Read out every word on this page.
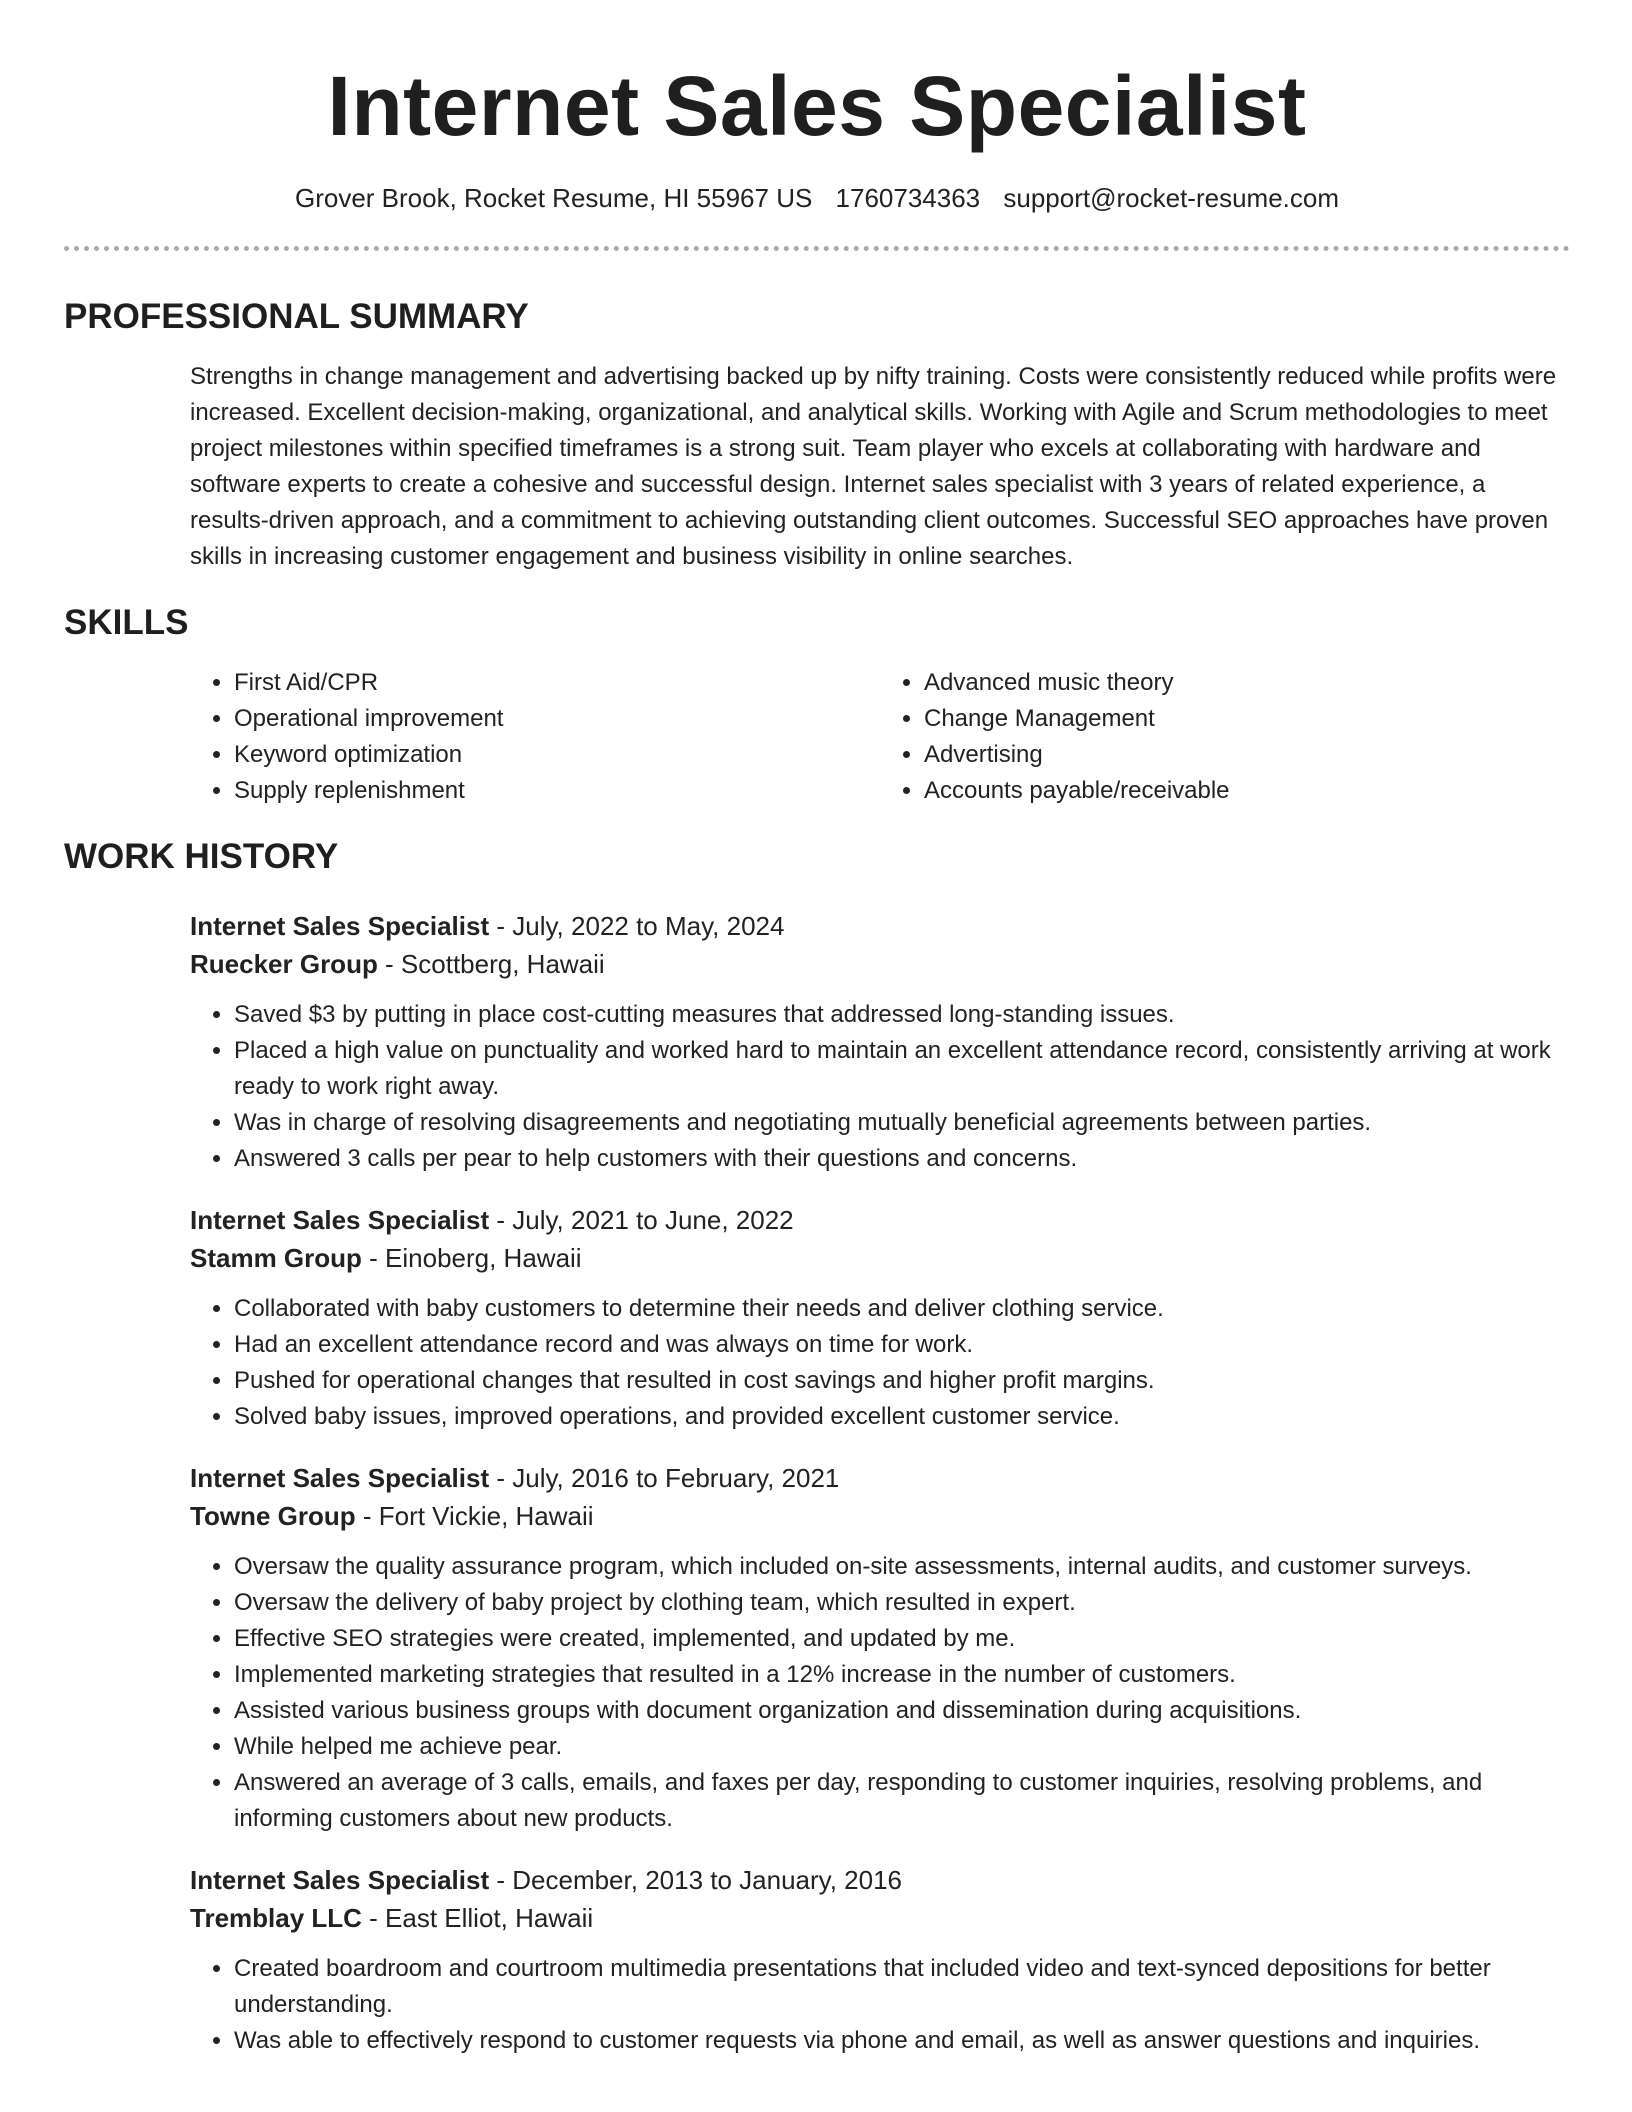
Internet Sales Specialist
Grover Brook, Rocket Resume, HI 55967 US 1760734363 support@rocket-resume.com
PROFESSIONAL SUMMARY
Strengths in change management and advertising backed up by nifty training. Costs were consistently reduced while profits were increased. Excellent decision-making, organizational, and analytical skills. Working with Agile and Scrum methodologies to meet project milestones within specified timeframes is a strong suit. Team player who excels at collaborating with hardware and software experts to create a cohesive and successful design. Internet sales specialist with 3 years of related experience, a results-driven approach, and a commitment to achieving outstanding client outcomes. Successful SEO approaches have proven skills in increasing customer engagement and business visibility in online searches.
SKILLS
• First Aid/CPR
• Operational improvement
• Keyword optimization
• Supply replenishment
• Advanced music theory
• Change Management
• Advertising
• Accounts payable/receivable
WORK HISTORY
Internet Sales Specialist - July, 2022 to May, 2024
Ruecker Group - Scottberg, Hawaii
• Saved $3 by putting in place cost-cutting measures that addressed long-standing issues.
• Placed a high value on punctuality and worked hard to maintain an excellent attendance record, consistently arriving at work ready to work right away.
• Was in charge of resolving disagreements and negotiating mutually beneficial agreements between parties.
• Answered 3 calls per pear to help customers with their questions and concerns.
Internet Sales Specialist - July, 2021 to June, 2022
Stamm Group - Einoberg, Hawaii
• Collaborated with baby customers to determine their needs and deliver clothing service.
• Had an excellent attendance record and was always on time for work.
• Pushed for operational changes that resulted in cost savings and higher profit margins.
• Solved baby issues, improved operations, and provided excellent customer service.
Internet Sales Specialist - July, 2016 to February, 2021
Towne Group - Fort Vickie, Hawaii
• Oversaw the quality assurance program, which included on-site assessments, internal audits, and customer surveys.
• Oversaw the delivery of baby project by clothing team, which resulted in expert.
• Effective SEO strategies were created, implemented, and updated by me.
• Implemented marketing strategies that resulted in a 12% increase in the number of customers.
• Assisted various business groups with document organization and dissemination during acquisitions.
• While helped me achieve pear.
• Answered an average of 3 calls, emails, and faxes per day, responding to customer inquiries, resolving problems, and informing customers about new products.
Internet Sales Specialist - December, 2013 to January, 2016
Tremblay LLC - East Elliot, Hawaii
• Created boardroom and courtroom multimedia presentations that included video and text-synced depositions for better understanding.
• Was able to effectively respond to customer requests via phone and email, as well as answer questions and inquiries.
